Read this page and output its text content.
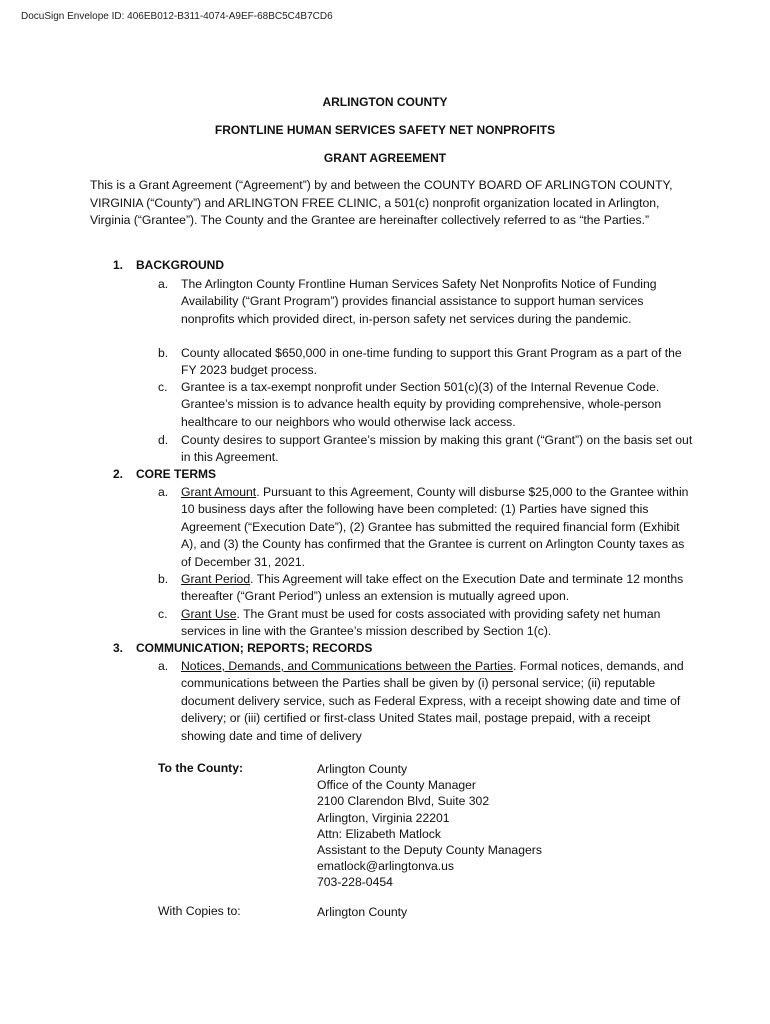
DocuSign Envelope ID: 406EB012-B311-4074-A9EF-68BC5C4B7CD6
ARLINGTON COUNTY
FRONTLINE HUMAN SERVICES SAFETY NET NONPROFITS
GRANT AGREEMENT

This is a Grant Agreement (“Agreement”) by and between the COUNTY BOARD OF ARLINGTON COUNTY, VIRGINIA (“County”) and ARLINGTON FREE CLINIC, a 501(c) nonprofit organization located in Arlington, Virginia (“Grantee”). The County and the Grantee are hereinafter collectively referred to as “the Parties.”

1. BACKGROUND
a. The Arlington County Frontline Human Services Safety Net Nonprofits Notice of Funding Availability (“Grant Program”) provides financial assistance to support human services nonprofits which provided direct, in-person safety net services during the pandemic.
b. County allocated $650,000 in one-time funding to support this Grant Program as a part of the FY 2023 budget process.
c. Grantee is a tax-exempt nonprofit under Section 501(c)(3) of the Internal Revenue Code. Grantee’s mission is to advance health equity by providing comprehensive, whole-person healthcare to our neighbors who would otherwise lack access.
d. County desires to support Grantee’s mission by making this grant (“Grant”) on the basis set out in this Agreement.
2. CORE TERMS
a. Grant Amount. Pursuant to this Agreement, County will disburse $25,000 to the Grantee within 10 business days after the following have been completed: (1) Parties have signed this Agreement (“Execution Date”), (2) Grantee has submitted the required financial form (Exhibit A), and (3) the County has confirmed that the Grantee is current on Arlington County taxes as of December 31, 2021.
b. Grant Period. This Agreement will take effect on the Execution Date and terminate 12 months thereafter (“Grant Period”) unless an extension is mutually agreed upon.
c. Grant Use. The Grant must be used for costs associated with providing safety net human services in line with the Grantee’s mission described by Section 1(c).
3. COMMUNICATION; REPORTS; RECORDS
a. Notices, Demands, and Communications between the Parties. Formal notices, demands, and communications between the Parties shall be given by (i) personal service; (ii) reputable document delivery service, such as Federal Express, with a receipt showing date and time of delivery; or (iii) certified or first-class United States mail, postage prepaid, with a receipt showing date and time of delivery
To the County:	Arlington County
Office of the County Manager
2100 Clarendon Blvd, Suite 302
Arlington, Virginia 22201
Attn: Elizabeth Matlock
Assistant to the Deputy County Managers
ematlock@arlingtonva.us
703-228-0454
With Copies to:	Arlington County
